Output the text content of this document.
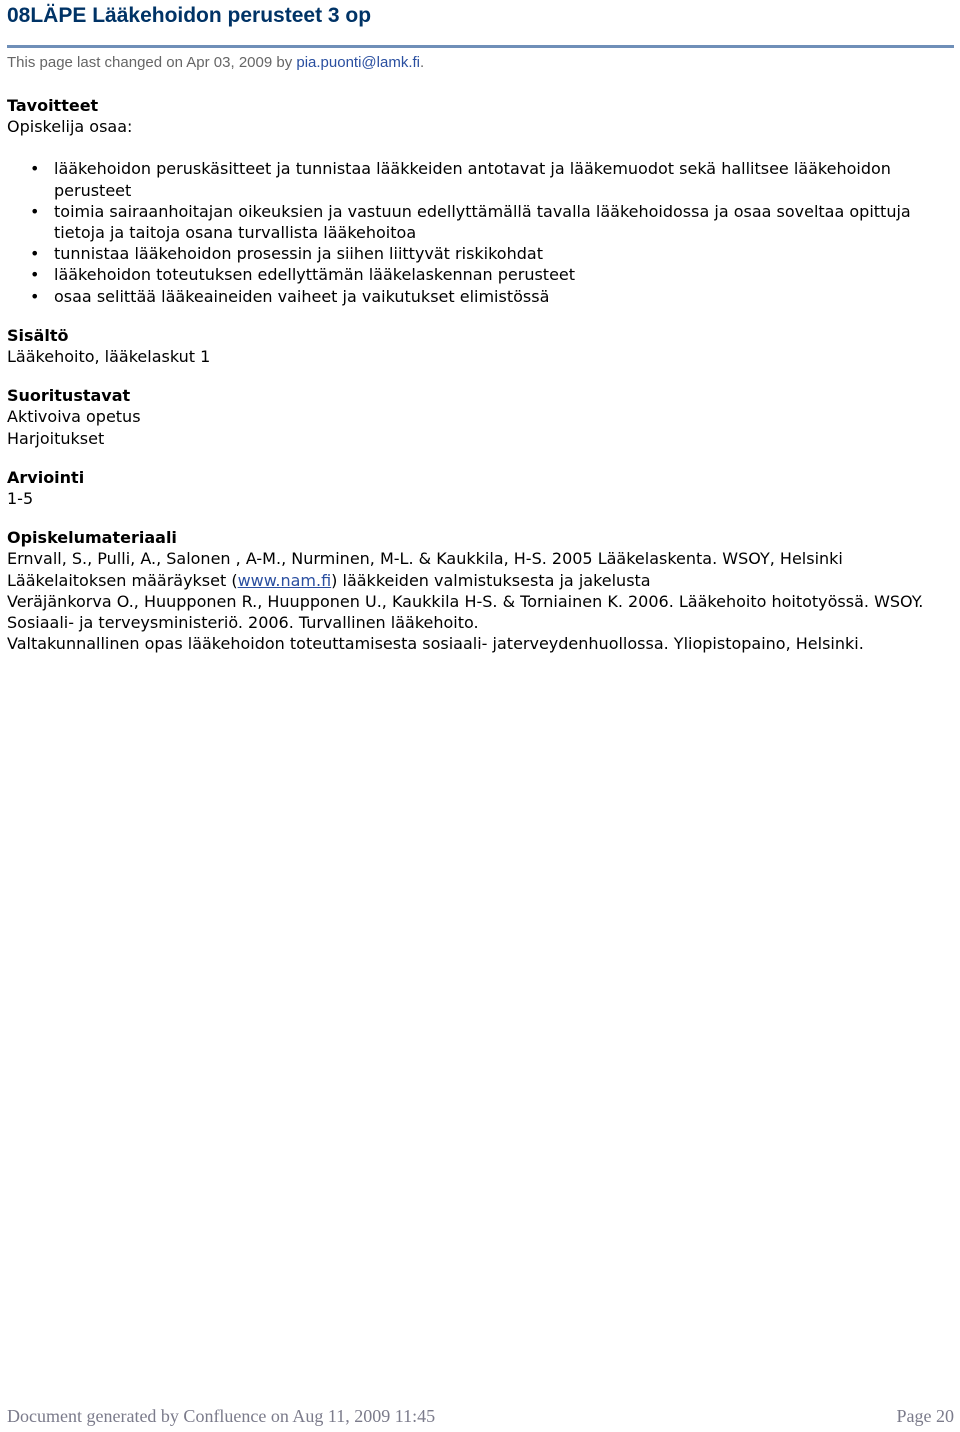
08LÄPE Lääkehoidon perusteet 3 op
This page last changed on Apr 03, 2009 by pia.puonti@lamk.fi.

Tavoitteet

Opiskelija osaa:

• lääkehoidon peruskäsitteet ja tunnistaa lääkkeiden antotavat ja lääkemuodot sekä hallitsee lääkehoidon perusteet
• toimia sairaanhoitajan oikeuksien ja vastuun edellyttämällä tavalla lääkehoidossa ja osaa soveltaa opittuja tietoja ja taitoja osana turvallista lääkehoitoa
• tunnistaa lääkehoidon prosessin ja siihen liittyvät riskikohdat
• lääkehoidon toteutuksen edellyttämän lääkelaskennan perusteet
• osaa selittää lääkeaineiden vaiheet ja vaikutukset elimistössä

Sisältö

Lääkehoito, lääkelaskut 1

Suoritustavat

Aktivoiva opetus

Harjoitukset

Arviointi

1-5

Opiskelumateriaali

Ernvall, S., Pulli, A., Salonen , A-M., Nurminen, M-L. & Kaukkila, H-S. 2005 Lääkelaskenta. WSOY, Helsinki

Lääkelaitoksen määräykset (www.nam.fi) lääkkeiden valmistuksesta ja jakelusta

Veräjänkorva O., Huupponen R., Huupponen U., Kaukkila H-S. & Torniainen K. 2006. Lääkehoito hoitotyössä. WSOY.

Sosiaali- ja terveysministeriö. 2006. Turvallinen lääkehoito.

Valtakunnallinen opas lääkehoidon toteuttamisesta sosiaali- jaterveydenhuollossa. Yliopistopaino, Helsinki.

Document generated by Confluence on Aug 11, 2009 11:45	Page 20
